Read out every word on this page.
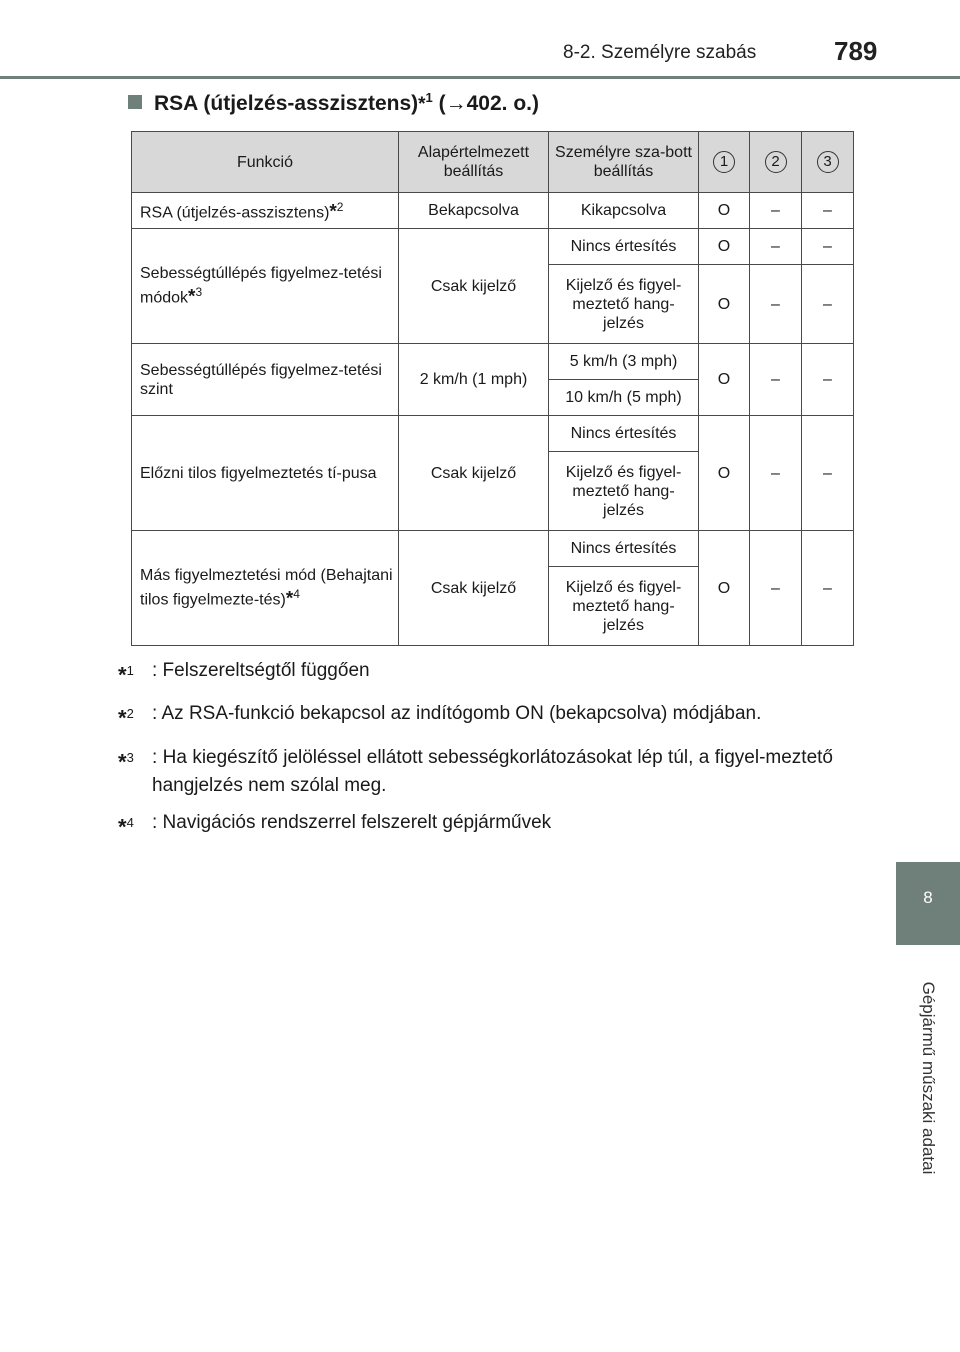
8-2. Személyre szabás	789
8
Gépjármű műszaki adatai
RSA (útjelzés-asszisztens)*$^1$ (→402. o.)
Funkció	Alapértelmezett beállítás	Személyre sza-bott beállítás	1	2	3
RSA (útjelzés-asszisztens)*$^2$	Bekapcsolva	Kikapcsolva	O	–	–
Sebességtúllépés figyelmez-tetési módok*$^3$	Csak kijelző	Nincs értesítés	O	–	–
		Kijelző és figyel-meztető hang-jelzés	O	–	–
Sebességtúllépés figyelmez-tetési szint	2 km/h (1 mph)	5 km/h (3 mph)	O	–	–
		10 km/h (5 mph)			
Előzni tilos figyelmeztetés tí-pusa	Csak kijelző	Nincs értesítés	O	–	–
		Kijelző és figyel-meztető hang-jelzés			
Más figyelmeztetési mód (Behajtani tilos figyelmezte-tés)*$^4$	Csak kijelző	Nincs értesítés	O	–	–
		Kijelző és figyel-meztető hang-jelzés			
*$^1$ : Felszereltségtől függően
*$^2$ : Az RSA-funkció bekapcsol az indítógomb ON (bekapcsolva) módjában.
*$^3$ : Ha kiegészítő jelöléssel ellátott sebességkorlátozásokat lép túl, a figyel-meztető hangjelzés nem szólal meg.
*$^4$ : Navigációs rendszerrel felszerelt gépjárművek
